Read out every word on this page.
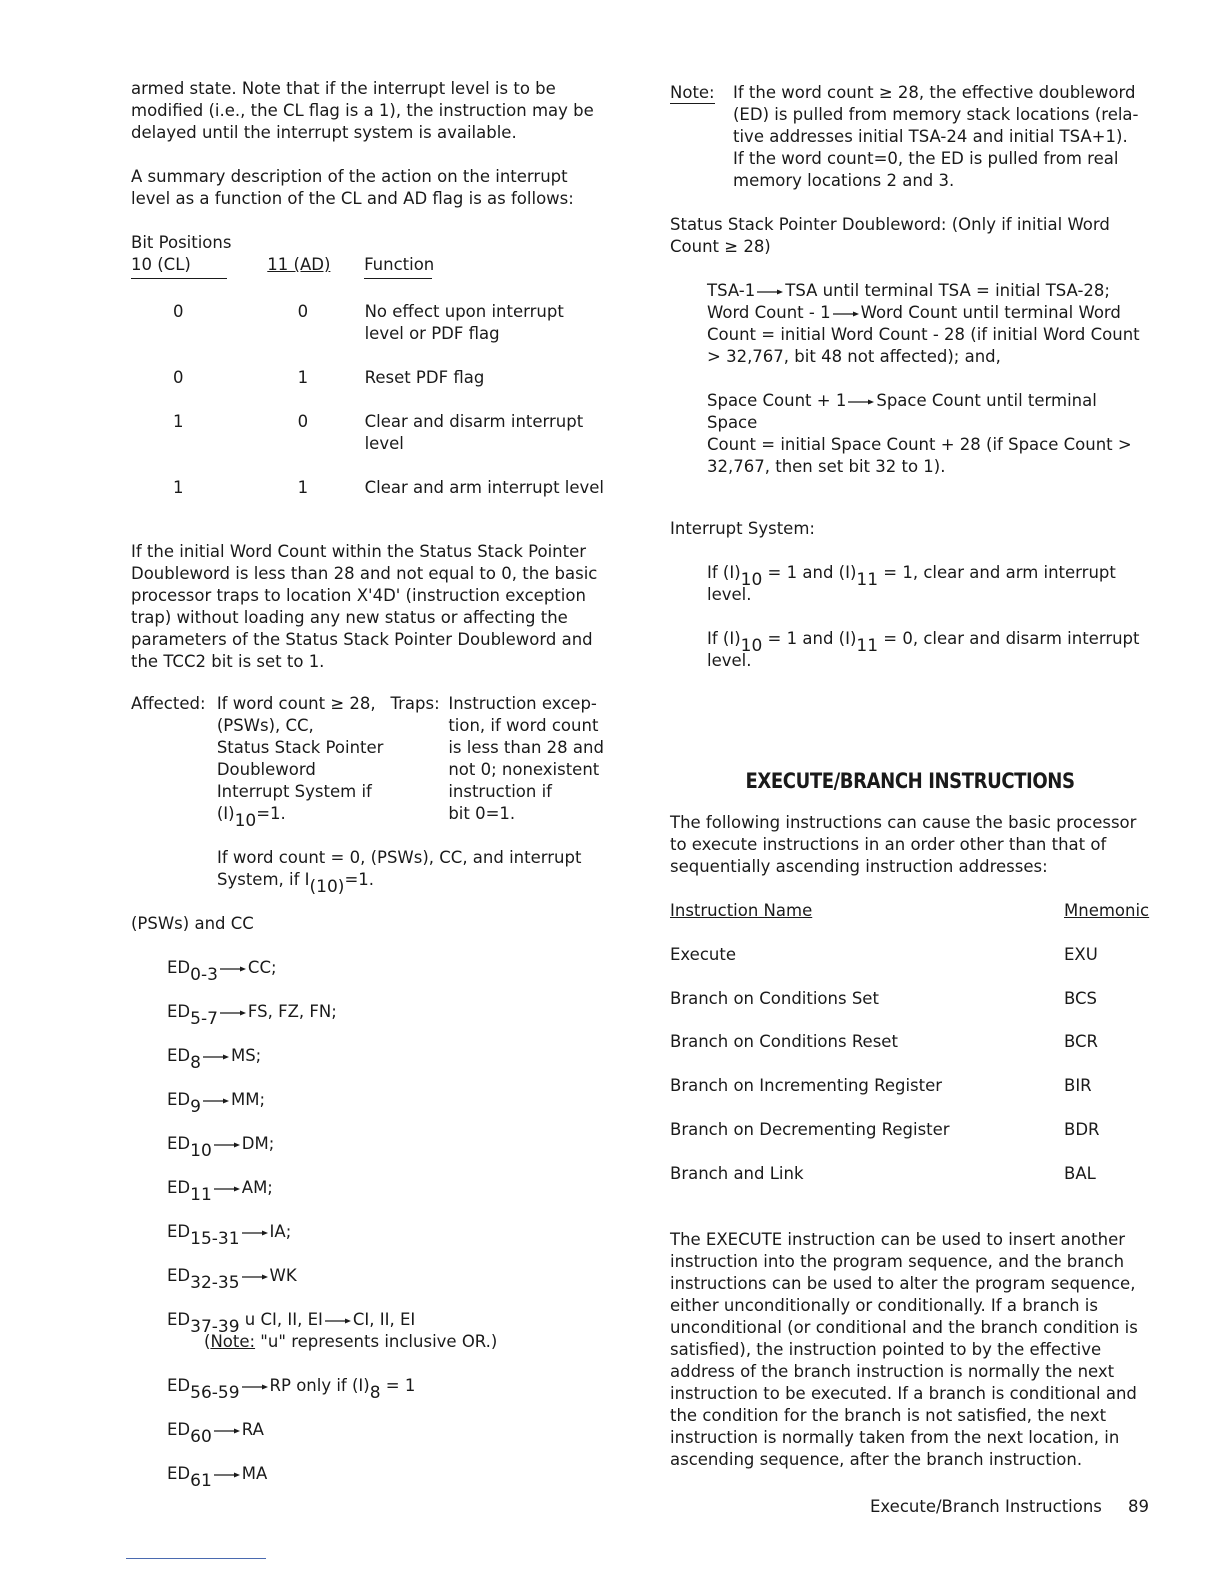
armed state. Note that if the interrupt level is to be modified (i.e., the CL flag is a 1), the instruction may be delayed until the interrupt system is available.

A summary description of the action on the interrupt level as a function of the CL and AD flag is as follows:

Bit Positions
10 (CL)	11 (AD)	Function
0	0	No effect upon interrupt level or PDF flag
0	1	Reset PDF flag
1	0	Clear and disarm interrupt level
1	1	Clear and arm interrupt level

If the initial Word Count within the Status Stack Pointer Doubleword is less than 28 and not equal to 0, the basic processor traps to location X'4D' (instruction exception trap) without loading any new status or affecting the parameters of the Status Stack Pointer Doubleword and the TCC2 bit is set to 1.

Affected: If word count ≥ 28,
(PSWs), CC,
Status Stack Pointer
Doubleword
Interrupt System if
$(I)_{10}=1$.
Traps: Instruction excep-
tion, if word count
is less than 28 and
not 0; nonexistent
instruction if
bit 0=1.
If word count = 0, (PSWs), CC, and interrupt
System, if $I_{(10)}=1$.
(PSWs) and CC
$ED_{0-3}$ CC;
$ED_{5-7}$ FS, FZ, FN;
$ED_8$ MS;
$ED_9$ MM;
$ED_{10}$ DM;
$ED_{11}$ AM;
$ED_{15-31}$ IA;
$ED_{32-35}$ WK
$ED_{37-39}$ u CI, II, EI CI, II, EI
(Note: "u" represents inclusive OR.)
$ED_{56-59}$ RP only if $(I)_8 = 1$
$ED_{60}$ RA
$ED_{61}$ MA
Note:	If the word count ≥ 28, the effective doubleword
(ED) is pulled from memory stack locations (rela-
tive addresses initial TSA-24 and initial TSA+1).
If the word count=0, the ED is pulled from real
memory locations 2 and 3.

Status Stack Pointer Doubleword: (Only if initial Word Count ≥ 28)

TSA-1 TSA until terminal TSA = initial TSA-28;
Word Count - 1 Word Count until terminal Word
Count = initial Word Count - 28 (if initial Word Count > 32,767, bit 48 not affected); and,
Space Count + 1 Space Count until terminal Space
Count = initial Space Count + 28 (if Space Count > 32,767, then set bit 32 to 1).

Interrupt System:

If $(I)_{10} = 1$ and $(I)_{11} = 1$, clear and arm interrupt level.
If $(I)_{10} = 1$ and $(I)_{11} = 0$, clear and disarm interrupt level.
EXECUTE/BRANCH INSTRUCTIONS

The following instructions can cause the basic processor to execute instructions in an order other than that of sequentially ascending instruction addresses:

Instruction Name	Mnemonic
Execute	EXU
Branch on Conditions Set	BCS
Branch on Conditions Reset	BCR
Branch on Incrementing Register	BIR
Branch on Decrementing Register	BDR
Branch and Link	BAL

The EXECUTE instruction can be used to insert another instruction into the program sequence, and the branch instructions can be used to alter the program sequence, either unconditionally or conditionally. If a branch is unconditional (or conditional and the branch condition is satisfied), the instruction pointed to by the effective address of the branch instruction is normally the next instruction to be executed. If a branch is conditional and the condition for the branch is not satisfied, the next instruction is normally taken from the next location, in ascending sequence, after the branch instruction.

Execute/Branch Instructions 89
